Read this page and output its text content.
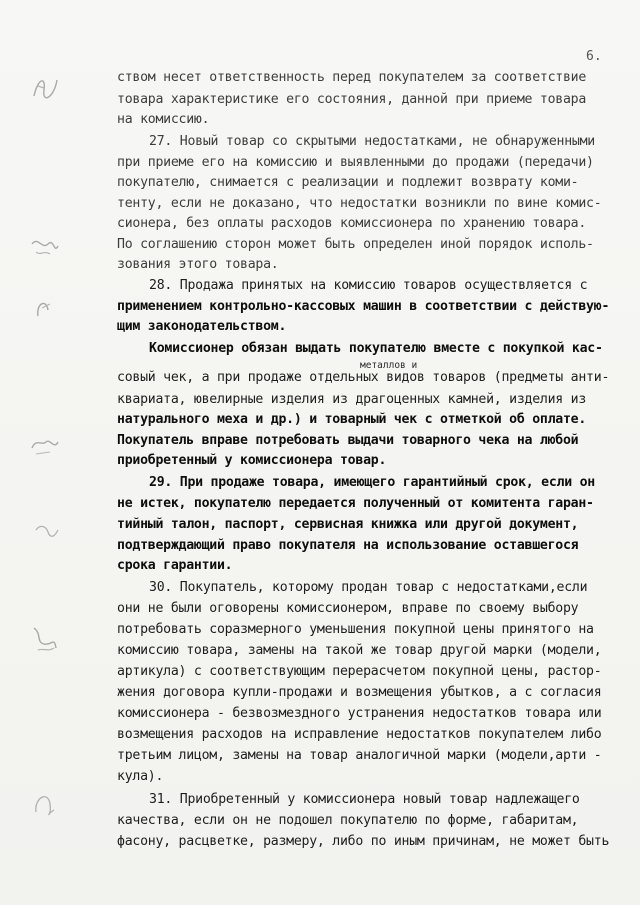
6.
ством несет ответственность перед покупателем за соответствие
товара характеристике его состояния, данной при приеме товара
на комиссию.
27. Новый товар со скрытыми недостатками, не обнаруженными
при приеме его на комиссию и выявленными до продажи (передачи)
покупателю, снимается с реализации и подлежит возврату коми-
тенту, если не доказано, что недостатки возникли по вине комис-
сионера, без оплаты расходов комиссионера по хранению товара.
По соглашению сторон может быть определен иной порядок исполь-
зования этого товара.
28. Продажа принятых на комиссию товаров осуществляется с
применением контрольно-кассовых машин в соответствии с действую-
щим законодательством.
Комиссионер обязан выдать покупателю вместе с покупкой кас-
металлов и
совый чек, а при продаже отдельных видов товаров (предметы анти-
квариата, ювелирные изделия из драгоценных камней, изделия из
натурального меха и др.) и товарный чек с отметкой об оплате.
Покупатель вправе потребовать выдачи товарного чека на любой
приобретенный у комиссионера товар.
29. При продаже товара, имеющего гарантийный срок, если он
не истек, покупателю передается полученный от комитента гаран-
тийный талон, паспорт, сервисная книжка или другой документ,
подтверждающий право покупателя на использование оставшегося
срока гарантии.
30. Покупатель, которому продан товар с недостатками,если
они не были оговорены комиссионером, вправе по своему выбору
потребовать соразмерного уменьшения покупной цены принятого на
комиссию товара, замены на такой же товар другой марки (модели,
артикула) с соответствующим перерасчетом покупной цены, растор-
жения договора купли-продажи и возмещения убытков, а с согласия
комиссионера - безвозмездного устранения недостатков товара или
возмещения расходов на исправление недостатков покупателем либо
третьим лицом, замены на товар аналогичной марки (модели,арти -
кула).
31. Приобретенный у комиссионера новый товар надлежащего
качества, если он не подошел покупателю по форме, габаритам,
фасону, расцветке, размеру, либо по иным причинам, не может быть
